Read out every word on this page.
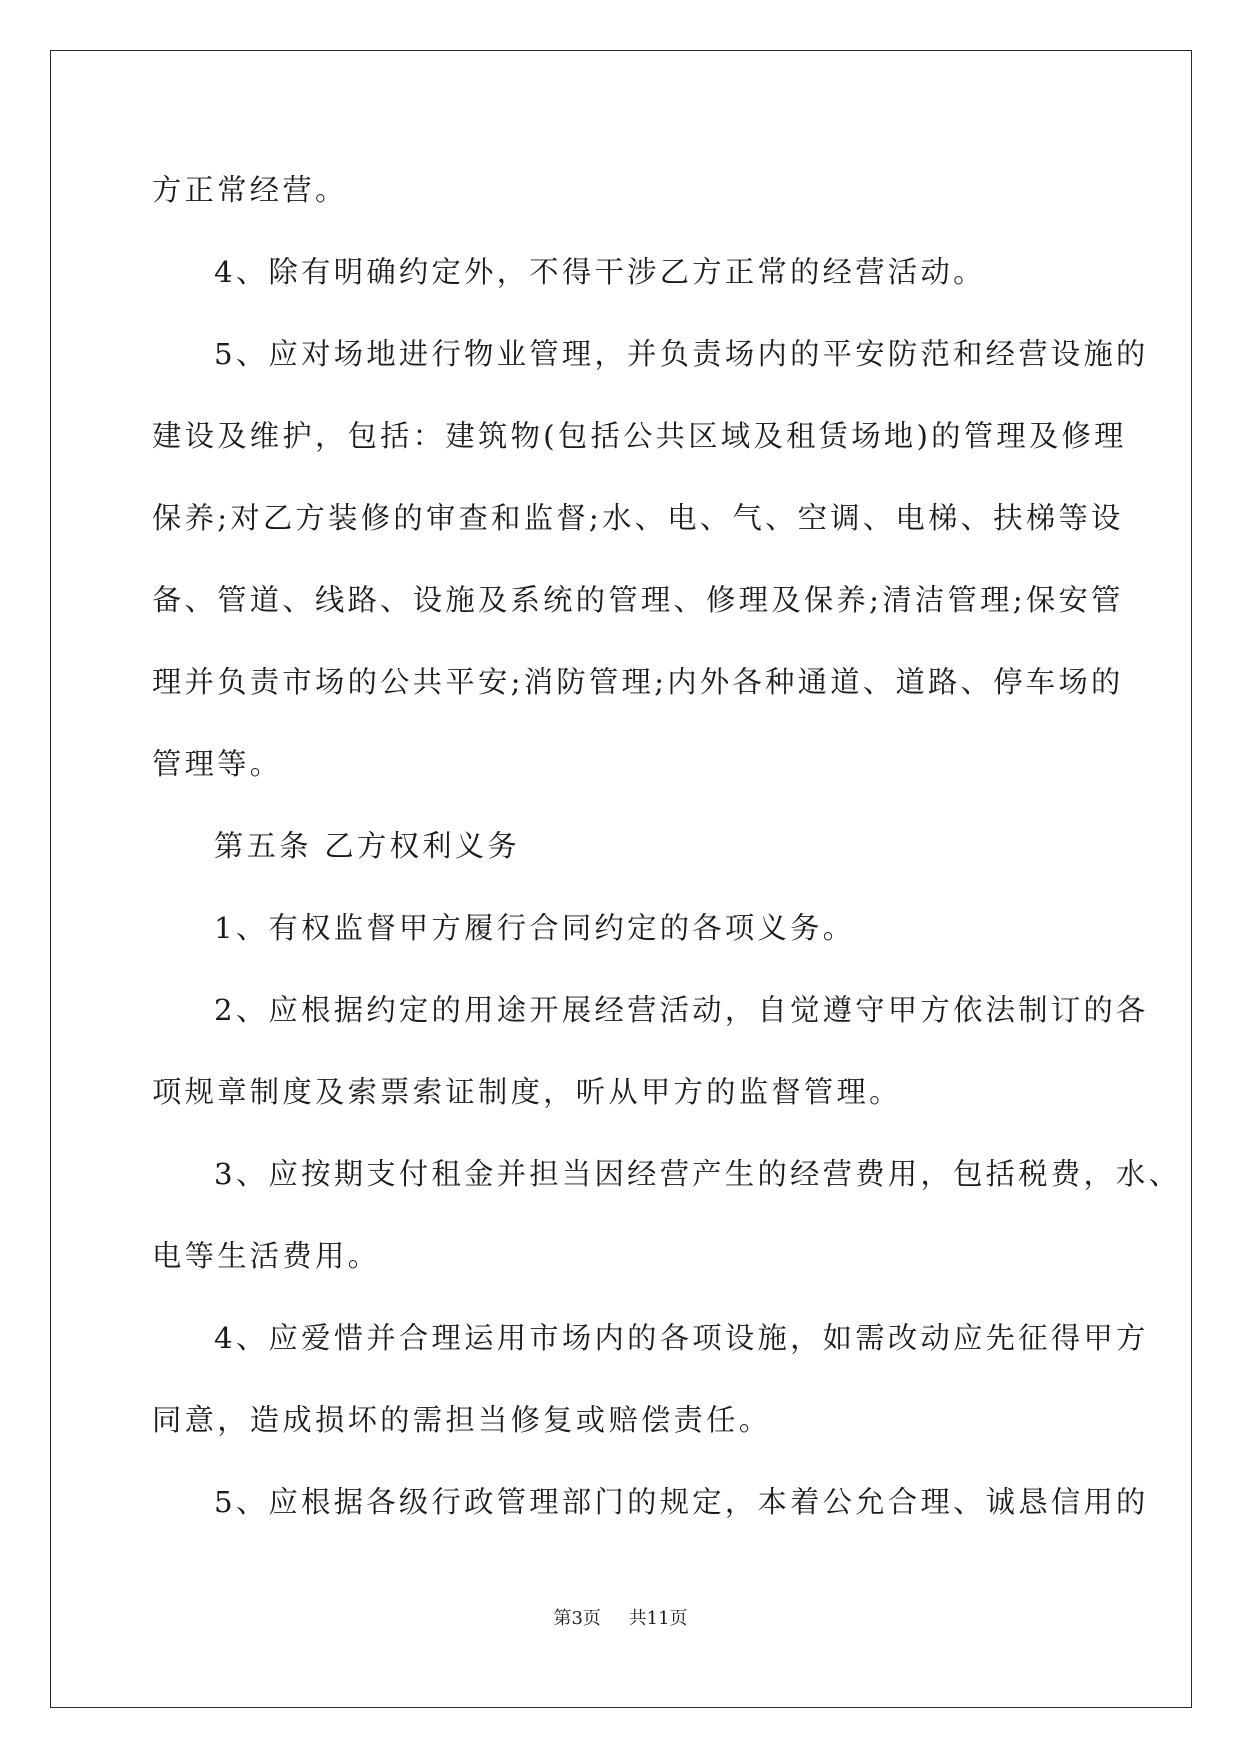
方正常经营。
4、除有明确约定外，不得干涉乙方正常的经营活动。
5、应对场地进行物业管理，并负责场内的平安防范和经营设施的
建设及维护，包括：建筑物(包括公共区域及租赁场地)的管理及修理
保养;对乙方装修的审查和监督;水、电、气、空调、电梯、扶梯等设
备、管道、线路、设施及系统的管理、修理及保养;清洁管理;保安管
理并负责市场的公共平安;消防管理;内外各种通道、道路、停车场的
管理等。
第五条 乙方权利义务
1、有权监督甲方履行合同约定的各项义务。
2、应根据约定的用途开展经营活动，自觉遵守甲方依法制订的各
项规章制度及索票索证制度，听从甲方的监督管理。
3、应按期支付租金并担当因经营产生的经营费用，包括税费，水、
电等生活费用。
4、应爱惜并合理运用市场内的各项设施，如需改动应先征得甲方
同意，造成损坏的需担当修复或赔偿责任。
5、应根据各级行政管理部门的规定，本着公允合理、诚恳信用的
第3页 共11页
